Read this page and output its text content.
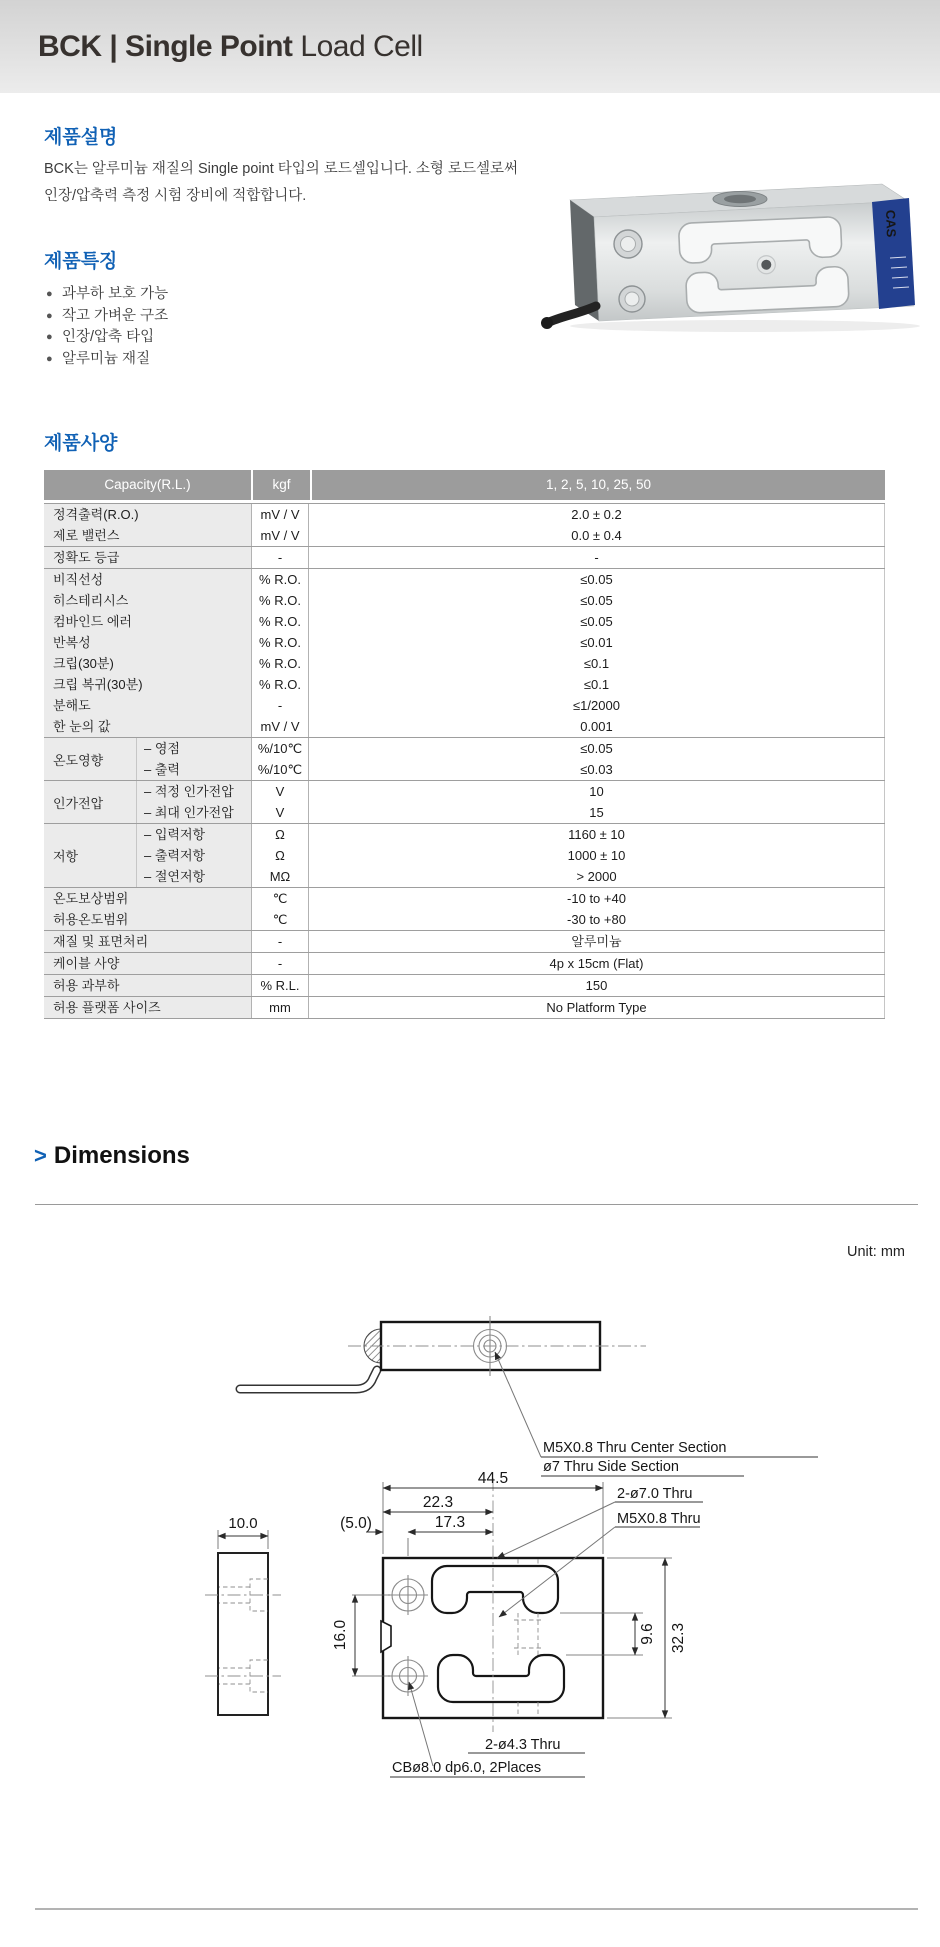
BCK | Single Point Load Cell
제품설명
BCK는 알루미늄 재질의 Single point 타입의 로드셀입니다. 소형 로드셀로써
인장/압축력 측정 시험 장비에 적합합니다.
제품특징
● 과부하 보호 가능
● 작고 가벼운 구조
● 인장/압축 타입
● 알루미늄 재질
CAS
제품사양
Capacity(R.L.)	kgf	1, 2, 5, 10, 25, 50
정격출력(R.O.)	mV / V	2.0 ± 0.2
제로 밸런스	mV / V	0.0 ± 0.4
정확도 등급	-	-
비직선성	% R.O.	≤0.05
히스테리시스	% R.O.	≤0.05
컴바인드 에러	% R.O.	≤0.05
반복성	% R.O.	≤0.01
크립(30분)	% R.O.	≤0.1
크립 복귀(30분)	% R.O.	≤0.1
분해도	-	≤1/2000
한 눈의 값	mV / V	0.001
온도영향
– 영점	%/10℃	≤0.05
– 출력	%/10℃	≤0.03
인가전압
– 적정 인가전압	V	10
– 최대 인가전압	V	15
저항
– 입력저항	Ω	1160 ± 10
– 출력저항	Ω	1000 ± 10
– 절연저항	MΩ	> 2000
온도보상범위	℃	-10 to +40
허용온도범위	℃	-30 to +80
재질 및 표면처리	-	알루미늄
케이블 사양	-	4p x 15cm (Flat)
허용 과부하	% R.L.	150
허용 플랫폼 사이즈	mm	No Platform Type
> Dimensions
Unit: mm
M5X0.8 Thru Center Section
ø7 Thru Side Section
10.0
44.5
22.3
17.3
(5.0)
16.0	9.6 32.3
2-ø7.0 Thru
M5X0.8 Thru
2-ø4.3 Thru
CBø8.0 dp6.0, 2Places
